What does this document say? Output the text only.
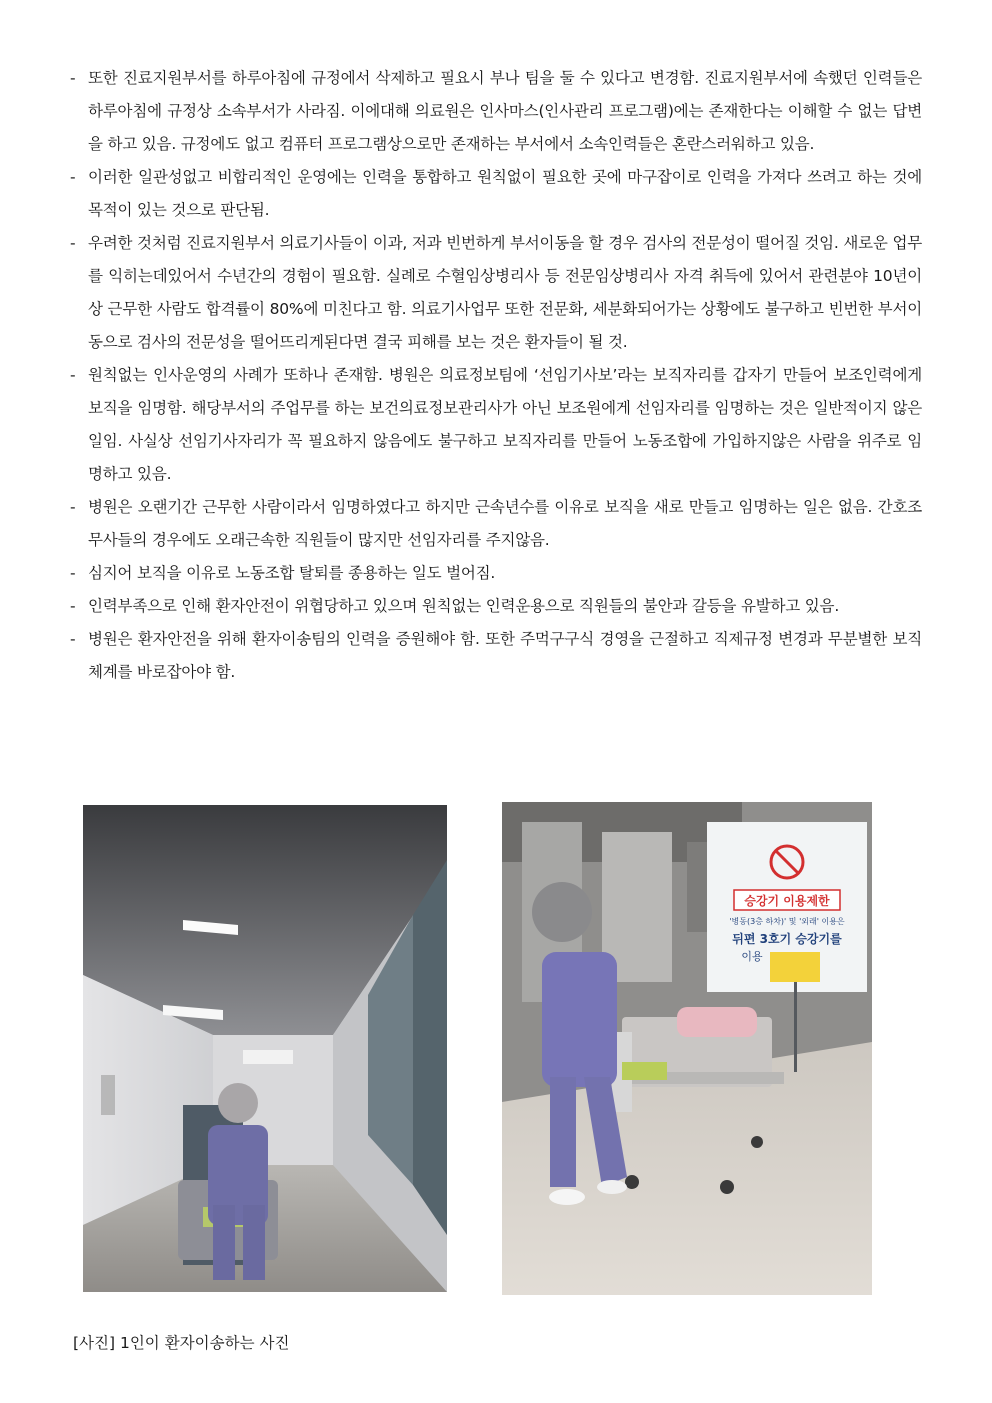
- 또한 진료지원부서를 하루아침에 규정에서 삭제하고 필요시 부나 팀을 둘 수 있다고 변경함. 진료지원부서에 속했던 인력들은 하루아침에 규정상 소속부서가 사라짐. 이에대해 의료원은 인사마스(인사관리 프로그램)에는 존재한다는 이해할 수 없는 답변을 하고 있음. 규정에도 없고 컴퓨터 프로그램상으로만 존재하는 부서에서 소속인력들은 혼란스러워하고 있음.
- 이러한 일관성없고 비합리적인 운영에는 인력을 통합하고 원칙없이 필요한 곳에 마구잡이로 인력을 가져다 쓰려고 하는 것에 목적이 있는 것으로 판단됨.
- 우려한 것처럼 진료지원부서 의료기사들이 이과, 저과 빈번하게 부서이동을 할 경우 검사의 전문성이 떨어질 것임. 새로운 업무를 익히는데있어서 수년간의 경험이 필요함. 실례로 수혈임상병리사 등 전문임상병리사 자격 취득에 있어서 관련분야 10년이상 근무한 사람도 합격률이 80%에 미친다고 함. 의료기사업무 또한 전문화, 세분화되어가는 상황에도 불구하고 빈번한 부서이동으로 검사의 전문성을 떨어뜨리게된다면 결국 피해를 보는 것은 환자들이 될 것.
- 원칙없는 인사운영의 사례가 또하나 존재함. 병원은 의료정보팀에 ‘선임기사보’라는 보직자리를 갑자기 만들어 보조인력에게 보직을 임명함. 해당부서의 주업무를 하는 보건의료정보관리사가 아닌 보조원에게 선임자리를 임명하는 것은 일반적이지 않은 일임. 사실상 선임기사자리가 꼭 필요하지 않음에도 불구하고 보직자리를 만들어 노동조합에 가입하지않은 사람을 위주로 임명하고 있음.
- 병원은 오랜기간 근무한 사람이라서 임명하였다고 하지만 근속년수를 이유로 보직을 새로 만들고 임명하는 일은 없음. 간호조무사들의 경우에도 오래근속한 직원들이 많지만 선임자리를 주지않음.
- 심지어 보직을 이유로 노동조합 탈퇴를 종용하는 일도 벌어짐.
- 인력부족으로 인해 환자안전이 위협당하고 있으며 원칙없는 인력운용으로 직원들의 불안과 갈등을 유발하고 있음.
- 병원은 환자안전을 위해 환자이송팀의 인력을 증원해야 함. 또한 주먹구구식 경영을 근절하고 직제규정 변경과 무분별한 보직체계를 바로잡아야 함.
승강기 이용제한
'병동(3층 하차)' 및 '외래' 이용은
뒤편 3호기 승강기를
이용
[사진] 1인이 환자이송하는 사진
